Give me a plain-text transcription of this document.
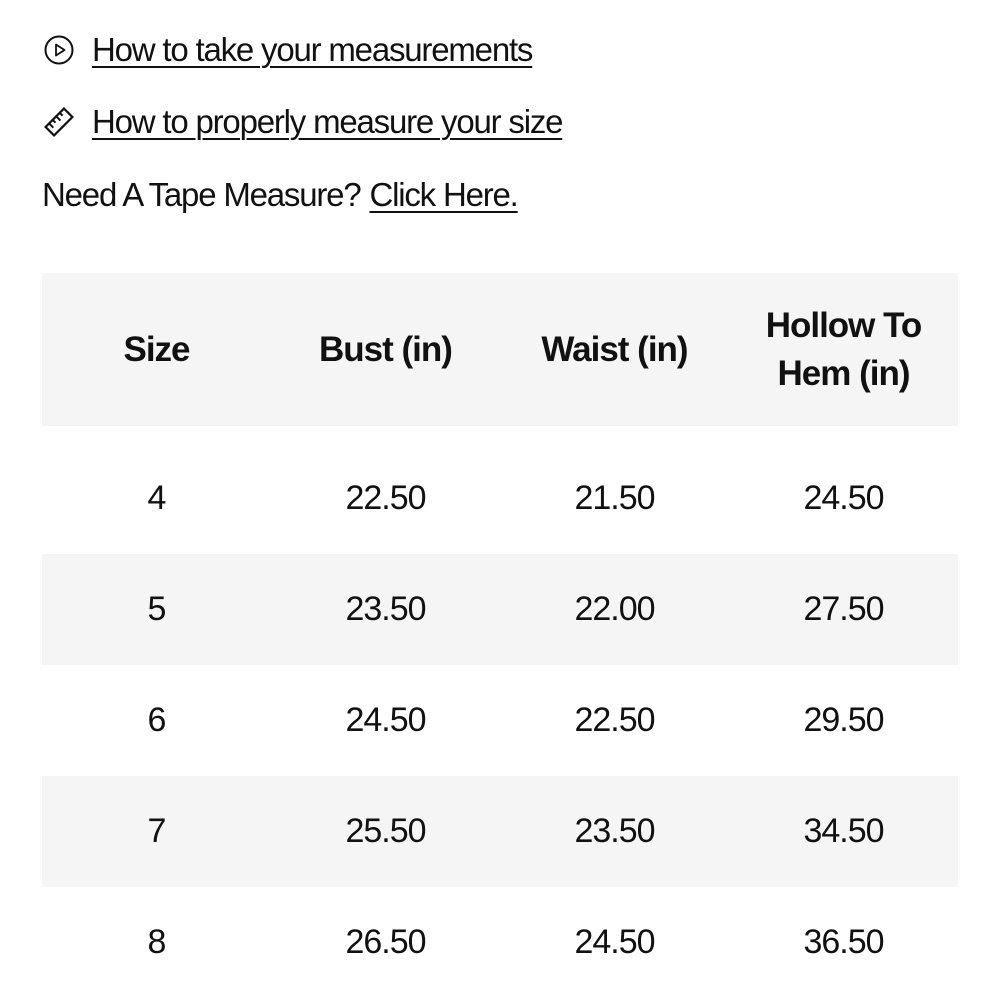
How to take your measurements
How to properly measure your size
Need A Tape Measure? Click Here.
Size	Bust (in)	Waist (in)	Hollow To Hem (in)
4	22.50	21.50	24.50
5	23.50	22.00	27.50
6	24.50	22.50	29.50
7	25.50	23.50	34.50
8	26.50	24.50	36.50
